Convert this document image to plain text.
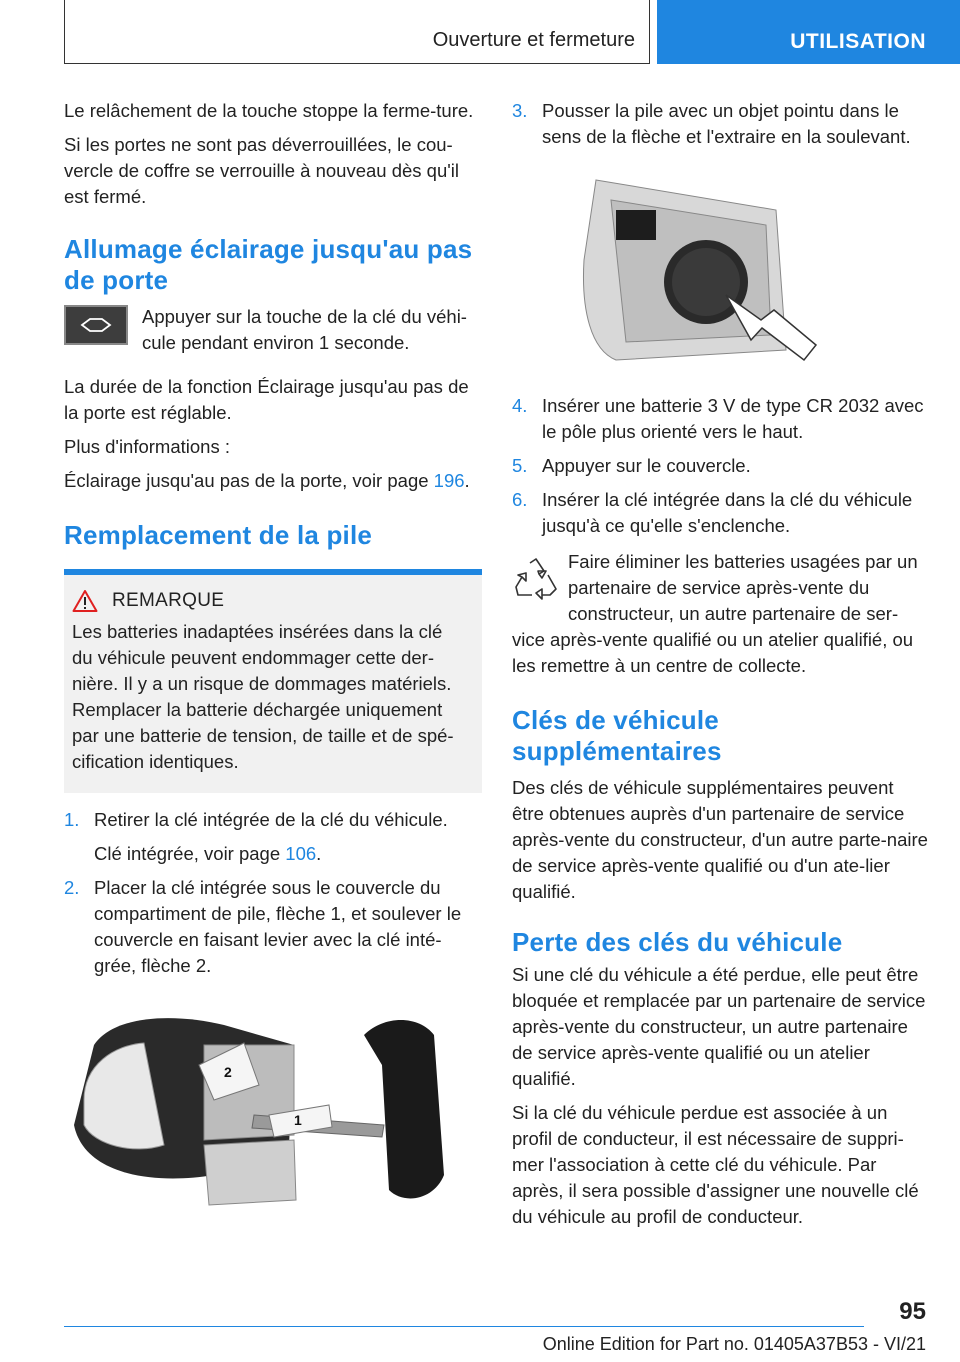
Ouverture et fermeture	UTILISATION

Le relâchement de la touche stoppe la ferme-ture.

Si les portes ne sont pas déverrouillées, le cou-vercle de coffre se verrouille à nouveau dès qu'il est fermé.

Allumage éclairage jusqu'au pas de porte

Appuyer sur la touche de la clé du véhi-cule pendant environ 1 seconde.

La durée de la fonction Éclairage jusqu'au pas de la porte est réglable.

Plus d'informations :

Éclairage jusqu'au pas de la porte, voir page 196.

Remplacement de la pile
REMARQUE

Les batteries inadaptées insérées dans la clé du véhicule peuvent endommager cette der-nière. Il y a un risque de dommages matériels. Remplacer la batterie déchargée uniquement par une batterie de tension, de taille et de spé-cification identiques.

1. Retirer la clé intégrée de la clé du véhicule.

Clé intégrée, voir page 106.

2. Placer la clé intégrée sous le couvercle du compartiment de pile, flèche 1, et soulever le couvercle en faisant levier avec la clé inté-grée, flèche 2.

1
2
3. Pousser la pile avec un objet pointu dans le sens de la flèche et l'extraire en la soulevant.

4. Insérer une batterie 3 V de type CR 2032 avec le pôle plus orienté vers le haut.

5. Appuyer sur le couvercle.

6. Insérer la clé intégrée dans la clé du véhicule jusqu'à ce qu'elle s'enclenche.

Faire éliminer les batteries usagées par un partenaire de service après-vente du constructeur, un autre partenaire de ser-

vice après-vente qualifié ou un atelier qualifié, ou les remettre à un centre de collecte.

Clés de véhicule supplémentaires

Des clés de véhicule supplémentaires peuvent être obtenues auprès d'un partenaire de service après-vente du constructeur, d'un autre parte-naire de service après-vente qualifié ou d'un ate-lier qualifié.

Perte des clés du véhicule

Si une clé du véhicule a été perdue, elle peut être bloquée et remplacée par un partenaire de service après-vente du constructeur, un autre partenaire de service après-vente qualifié ou un atelier qualifié.

Si la clé du véhicule perdue est associée à un profil de conducteur, il est nécessaire de suppri-mer l'association à cette clé du véhicule. Par après, il sera possible d'assigner une nouvelle clé du véhicule au profil de conducteur.

95
Online Edition for Part no. 01405A37B53 - VI/21
